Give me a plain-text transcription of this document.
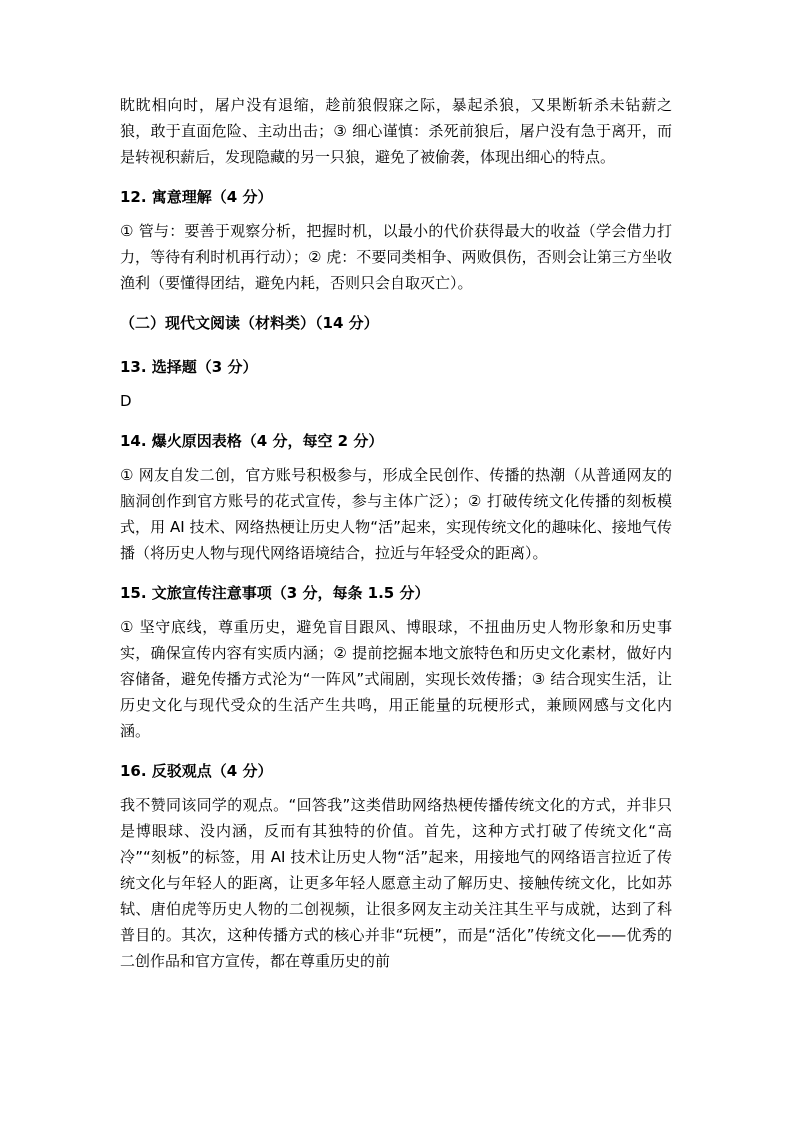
眈眈相向时，屠户没有退缩，趁前狼假寐之际，暴起杀狼，又果断斩杀未钻薪之狼，敢于直面危险、主动出击；③ 细心谨慎：杀死前狼后，屠户没有急于离开，而是转视积薪后，发现隐藏的另一只狼，避免了被偷袭，体现出细心的特点。

12. 寓意理解（4 分）

① 管与：要善于观察分析，把握时机，以最小的代价获得最大的收益（学会借力打力，等待有利时机再行动）；② 虎：不要同类相争、两败俱伤，否则会让第三方坐收渔利（要懂得团结，避免内耗，否则只会自取灭亡）。

（二）现代文阅读（材料类）（14 分）

13. 选择题（3 分）

D

14. 爆火原因表格（4 分，每空 2 分）

① 网友自发二创，官方账号积极参与，形成全民创作、传播的热潮（从普通网友的脑洞创作到官方账号的花式宣传，参与主体广泛）；② 打破传统文化传播的刻板模式，用 AI 技术、网络热梗让历史人物“活”起来，实现传统文化的趣味化、接地气传播（将历史人物与现代网络语境结合，拉近与年轻受众的距离）。

15. 文旅宣传注意事项（3 分，每条 1.5 分）

① 坚守底线，尊重历史，避免盲目跟风、博眼球，不扭曲历史人物形象和历史事实，确保宣传内容有实质内涵；② 提前挖掘本地文旅特色和历史文化素材，做好内容储备，避免传播方式沦为“一阵风”式闹剧，实现长效传播；③ 结合现实生活，让历史文化与现代受众的生活产生共鸣，用正能量的玩梗形式，兼顾网感与文化内涵。

16. 反驳观点（4 分）

我不赞同该同学的观点。“回答我”这类借助网络热梗传播传统文化的方式，并非只是博眼球、没内涵，反而有其独特的价值。首先，这种方式打破了传统文化“高冷”“刻板”的标签，用 AI 技术让历史人物“活”起来，用接地气的网络语言拉近了传统文化与年轻人的距离，让更多年轻人愿意主动了解历史、接触传统文化，比如苏轼、唐伯虎等历史人物的二创视频，让很多网友主动关注其生平与成就，达到了科普目的。其次，这种传播方式的核心并非“玩梗”，而是“活化”传统文化——优秀的二创作品和官方宣传，都在尊重历史的前
